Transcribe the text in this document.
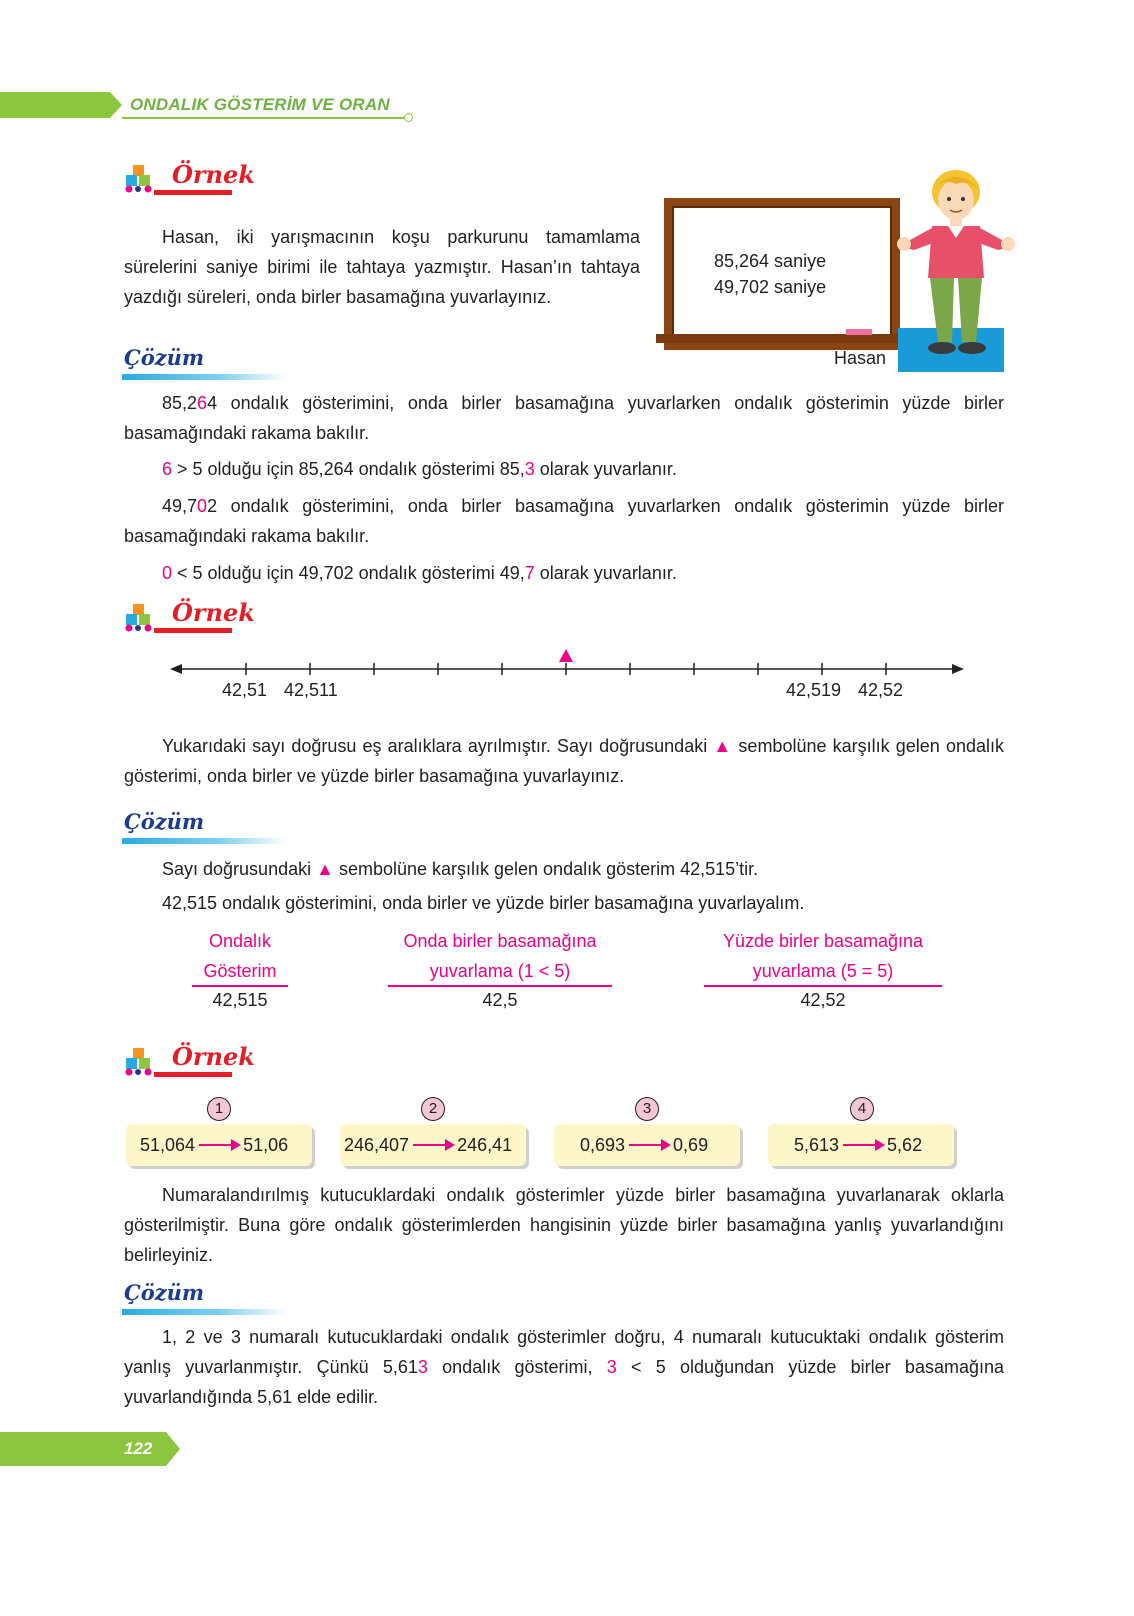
ONDALIK GÖSTERİM VE ORAN
Örnek
Hasan, iki yarışmacının koşu parkurunu tamamlama sürelerini saniye birimi ile tahtaya yazmıştır. Hasan’ın tahtaya yazdığı süreleri, onda birler basamağına yuvarlayınız.
85,264 saniye
49,702 saniye
Hasan
Çözüm
85,264 ondalık gösterimini, onda birler basamağına yuvarlarken ondalık gösterimin yüzde birler basamağındaki rakama bakılır.
6 > 5 olduğu için 85,264 ondalık gösterimi 85,3 olarak yuvarlanır.
49,702 ondalık gösterimini, onda birler basamağına yuvarlarken ondalık gösterimin yüzde birler basamağındaki rakama bakılır.
0 < 5 olduğu için 49,702 ondalık gösterimi 49,7 olarak yuvarlanır.
Örnek
42,51 42,511	42,519 42,52
Yukarıdaki sayı doğrusu eş aralıklara ayrılmıştır. Sayı doğrusundaki ▲ sembolüne karşılık gelen ondalık gösterimi, onda birler ve yüzde birler basamağına yuvarlayınız.
Çözüm
Sayı doğrusundaki ▲ sembolüne karşılık gelen ondalık gösterim 42,515’tir.
42,515 ondalık gösterimini, onda birler ve yüzde birler basamağına yuvarlayalım.
Ondalık
Gösterim
42,515
Onda birler basamağına
yuvarlama (1 < 5)
42,5
Yüzde birler basamağına
yuvarlama (5 = 5)
42,52
Örnek
1	2	3	4
51,064	51,06	246,407	246,41	0,693	0,69	5,613	5,62
Numaralandırılmış kutucuklardaki ondalık gösterimler yüzde birler basamağına yuvarlanarak oklarla gösterilmiştir. Buna göre ondalık gösterimlerden hangisinin yüzde birler basamağına yanlış yuvarlandığını belirleyiniz.
Çözüm
1, 2 ve 3 numaralı kutucuklardaki ondalık gösterimler doğru, 4 numaralı kutucuktaki ondalık gösterim yanlış yuvarlanmıştır. Çünkü 5,613 ondalık gösterimi, 3 < 5 olduğundan yüzde birler basamağına yuvarlandığında 5,61 elde edilir.
122
